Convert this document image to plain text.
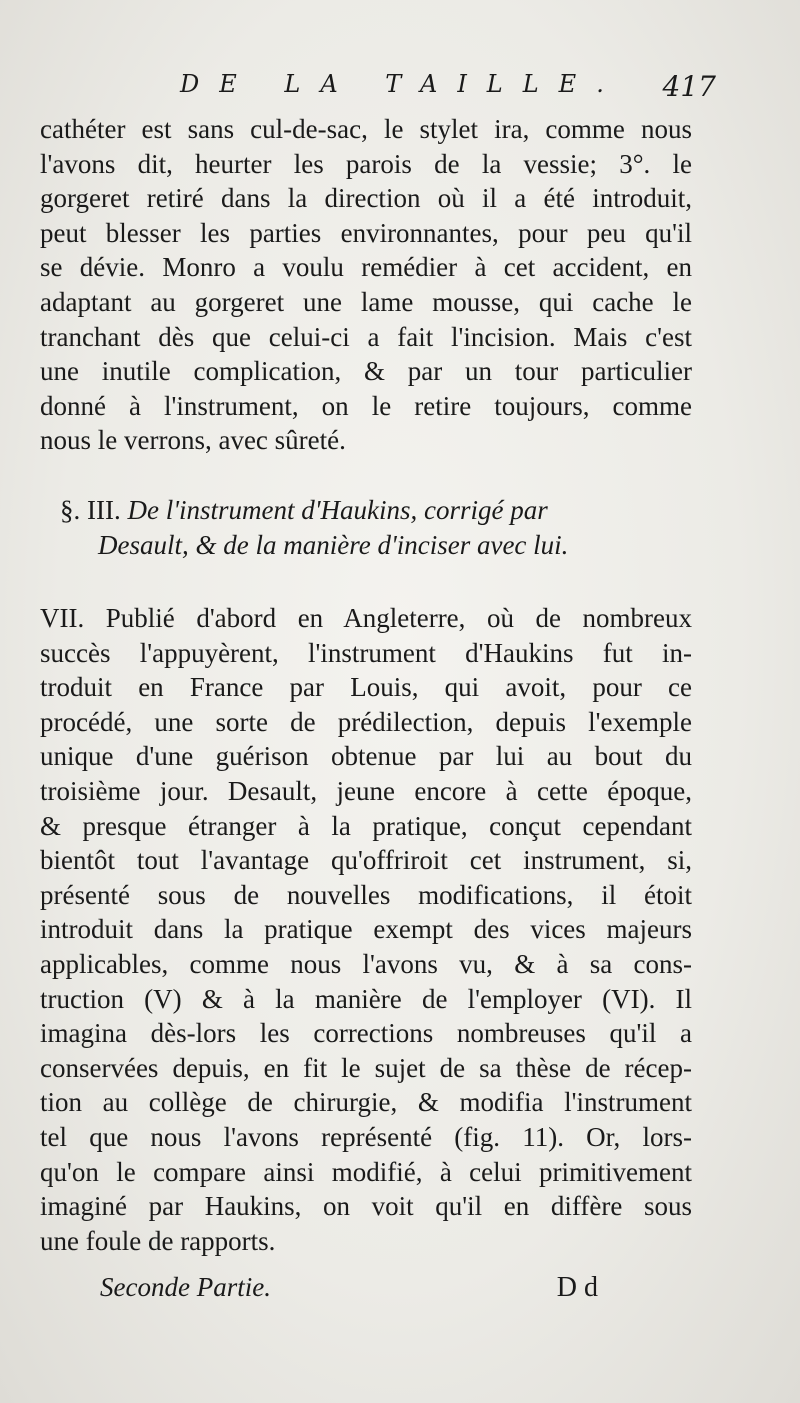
DE LA TAILLE. 417
cathéter est sans cul-de-sac, le stylet ira, comme nous
l'avons dit, heurter les parois de la vessie; 3°. le
gorgeret retiré dans la direction où il a été introduit,
peut blesser les parties environnantes, pour peu qu'il
se dévie. Monro a voulu remédier à cet accident, en
adaptant au gorgeret une lame mousse, qui cache le
tranchant dès que celui-ci a fait l'incision. Mais c'est
une inutile complication, & par un tour particulier
donné à l'instrument, on le retire toujours, comme
nous le verrons, avec sûreté.
§. III. De l'instrument d'Haukins, corrigé par
Desault, & de la manière d'inciser avec lui.
VII. Publié d'abord en Angleterre, où de nombreux
succès l'appuyèrent, l'instrument d'Haukins fut in-
troduit en France par Louis, qui avoit, pour ce
procédé, une sorte de prédilection, depuis l'exemple
unique d'une guérison obtenue par lui au bout du
troisième jour. Desault, jeune encore à cette époque,
& presque étranger à la pratique, conçut cependant
bientôt tout l'avantage qu'offriroit cet instrument, si,
présenté sous de nouvelles modifications, il étoit
introduit dans la pratique exempt des vices majeurs
applicables, comme nous l'avons vu, & à sa cons-
truction (V) & à la manière de l'employer (VI). Il
imagina dès-lors les corrections nombreuses qu'il a
conservées depuis, en fit le sujet de sa thèse de récep-
tion au collège de chirurgie, & modifia l'instrument
tel que nous l'avons représenté (fig. 11). Or, lors-
qu'on le compare ainsi modifié, à celui primitivement
imaginé par Haukins, on voit qu'il en diffère sous
une foule de rapports.
Seconde Partie.	D d
